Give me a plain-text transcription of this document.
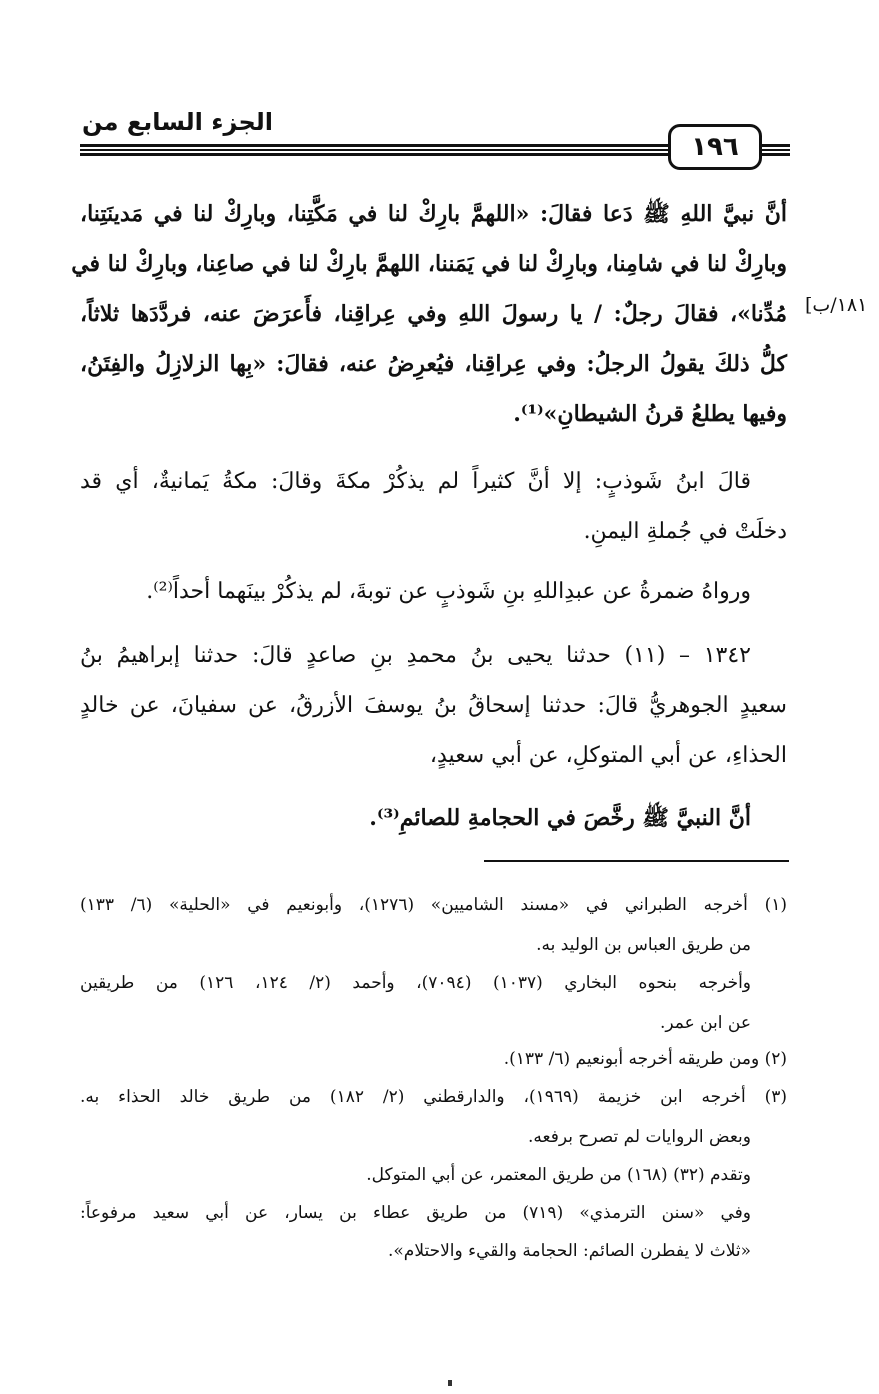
الجزء السابع من
١٩٦
١٨١/ب]
أنَّ نبيَّ اللهِ ﷺ دَعا فقالَ: «اللهمَّ بارِكْ لنا في مَكَّتِنا، وبارِكْ لنا في مَدينَتِنا،
وبارِكْ لنا في شامِنا، وبارِكْ لنا في يَمَننا، اللهمَّ بارِكْ لنا في صاعِنا، وبارِكْ لنا في
مُدِّنا»، فقالَ رجلٌ: / يا رسولَ اللهِ وفي عِراقِنا، فأَعرَضَ عنه، فردَّدَها ثلاثاً،
كلُّ ذلكَ يقولُ الرجلُ: وفي عِراقِنا، فيُعرِضُ عنه، فقالَ: «بِها الزلازِلُ والفِتَنُ،
وفيها يطلعُ قرنُ الشيطانِ»⁽¹⁾.
قالَ ابنُ شَوذبٍ: إلا أنَّ كثيراً لم يذكُرْ مكةَ وقالَ: مكةُ يَمانيةٌ، أي قد
دخلَتْ في جُملةِ اليمنِ.
ورواهُ ضمرةُ عن عبدِاللهِ بنِ شَوذبٍ عن توبةَ، لم يذكُرْ بينَهما أحداً⁽²⁾.
١٣٤٢ – (١١) حدثنا يحيى بنُ محمدِ بنِ صاعدٍ قالَ: حدثنا إبراهيمُ بنُ
سعيدٍ الجوهريُّ قالَ: حدثنا إسحاقُ بنُ يوسفَ الأزرقُ، عن سفيانَ، عن خالدٍ
الحذاءِ، عن أبي المتوكلِ، عن أبي سعيدٍ،
أنَّ النبيَّ ﷺ رخَّصَ في الحجامةِ للصائمِ⁽³⁾.
(١) أخرجه الطبراني في «مسند الشاميين» (١٢٧٦)، وأبونعيم في «الحلية» (٦/ ١٣٣)
من طريق العباس بن الوليد به.
وأخرجه بنحوه البخاري (١٠٣٧) (٧٠٩٤)، وأحمد (٢/ ١٢٤، ١٢٦) من طريقين
عن ابن عمر.
(٢) ومن طريقه أخرجه أبونعيم (٦/ ١٣٣).
(٣) أخرجه ابن خزيمة (١٩٦٩)، والدارقطني (٢/ ١٨٢) من طريق خالد الحذاء به.
وبعض الروايات لم تصرح برفعه.
وتقدم (٣٢) (١٦٨) من طريق المعتمر، عن أبي المتوكل.
وفي «سنن الترمذي» (٧١٩) من طريق عطاء بن يسار، عن أبي سعيد مرفوعاً:
«ثلاث لا يفطرن الصائم: الحجامة والقيء والاحتلام».
